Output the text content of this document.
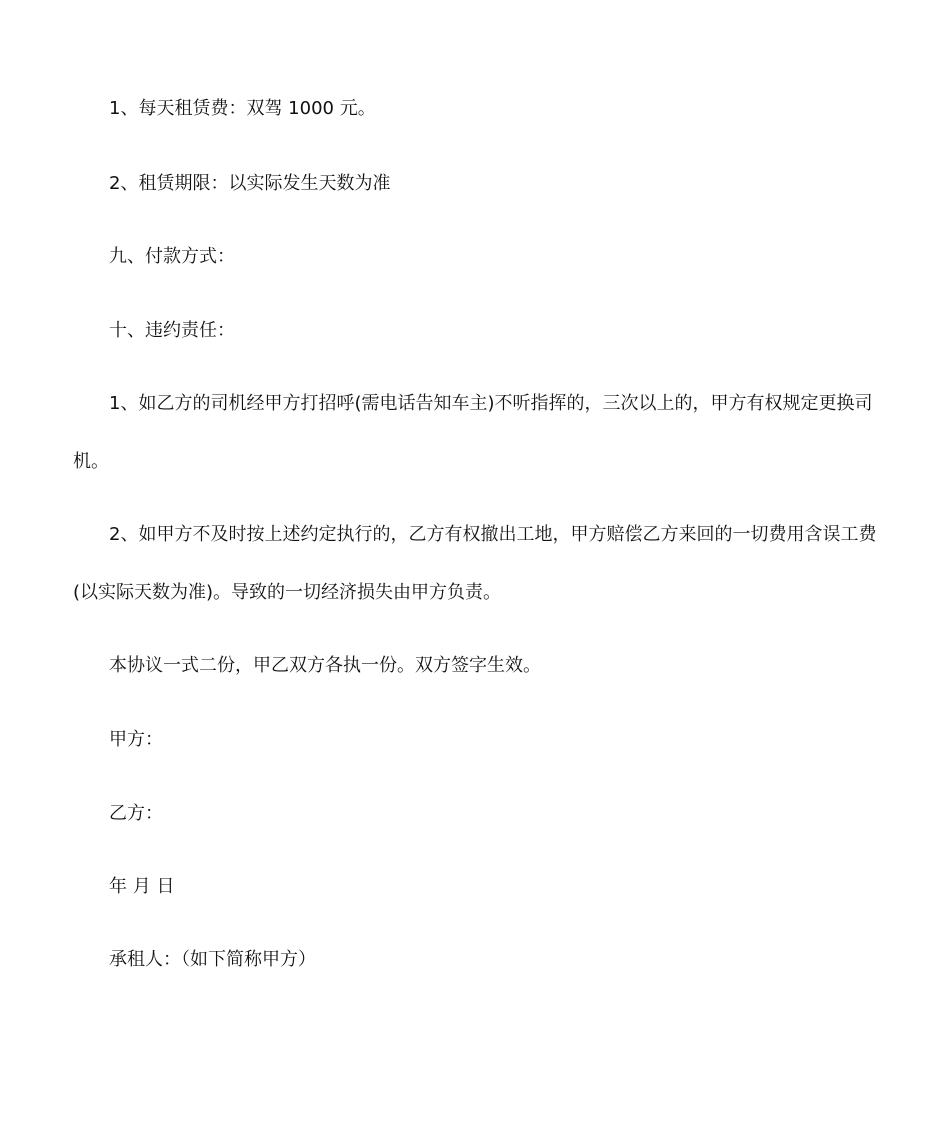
1、每天租赁费：双驾 1000 元。

2、租赁期限：以实际发生天数为准

九、付款方式：

十、违约责任：

1、如乙方的司机经甲方打招呼(需电话告知车主)不听指挥的，三次以上的，甲方有权规定更换司机。

2、如甲方不及时按上述约定执行的，乙方有权撤出工地，甲方赔偿乙方来回的一切费用含误工费(以实际天数为准)。导致的一切经济损失由甲方负责。

本协议一式二份，甲乙双方各执一份。双方签字生效。

甲方：

乙方：

年 月 日

承租人：（如下简称甲方）
